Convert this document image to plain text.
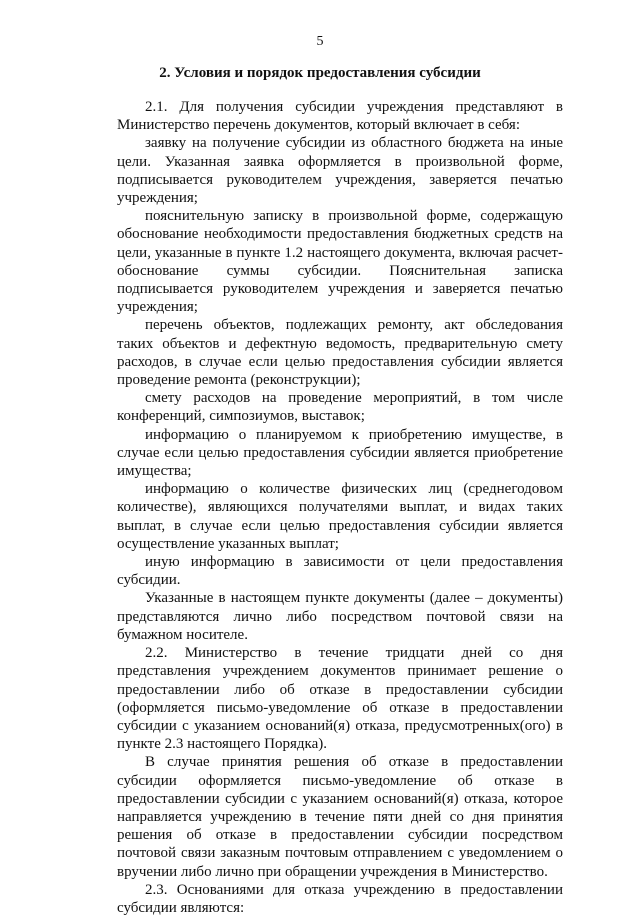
5
2. Условия и порядок предоставления субсидии

2.1. Для получения субсидии учреждения представляют в Министерство перечень документов, который включает в себя:

заявку на получение субсидии из областного бюджета на иные цели. Указанная заявка оформляется в произвольной форме, подписывается руководителем учреждения, заверяется печатью учреждения;

пояснительную записку в произвольной форме, содержащую обоснование необходимости предоставления бюджетных средств на цели, указанные в пункте 1.2 настоящего документа, включая расчет-обоснование суммы субсидии. Пояснительная записка подписывается руководителем учреждения и заверяется печатью учреждения;

перечень объектов, подлежащих ремонту, акт обследования таких объектов и дефектную ведомость, предварительную смету расходов, в случае если целью предоставления субсидии является проведение ремонта (реконструкции);

смету расходов на проведение мероприятий, в том числе конференций, симпозиумов, выставок;

информацию о планируемом к приобретению имуществе, в случае если целью предоставления субсидии является приобретение имущества;

информацию о количестве физических лиц (среднегодовом количестве), являющихся получателями выплат, и видах таких выплат, в случае если целью предоставления субсидии является осуществление указанных выплат;

иную информацию в зависимости от цели предоставления субсидии.

Указанные в настоящем пункте документы (далее – документы) представляются лично либо посредством почтовой связи на бумажном носителе.

2.2. Министерство в течение тридцати дней со дня представления учреждением документов принимает решение о предоставлении либо об отказе в предоставлении субсидии (оформляется письмо-уведомление об отказе в предоставлении субсидии с указанием оснований(я) отказа, предусмотренных(ого) в пункте 2.3 настоящего Порядка).

В случае принятия решения об отказе в предоставлении субсидии оформляется письмо-уведомление об отказе в предоставлении субсидии с указанием оснований(я) отказа, которое направляется учреждению в течение пяти дней со дня принятия решения об отказе в предоставлении субсидии посредством почтовой связи заказным почтовым отправлением с уведомлением о вручении либо лично при обращении учреждения в Министерство.

2.3. Основаниями для отказа учреждению в предоставлении субсидии являются:
